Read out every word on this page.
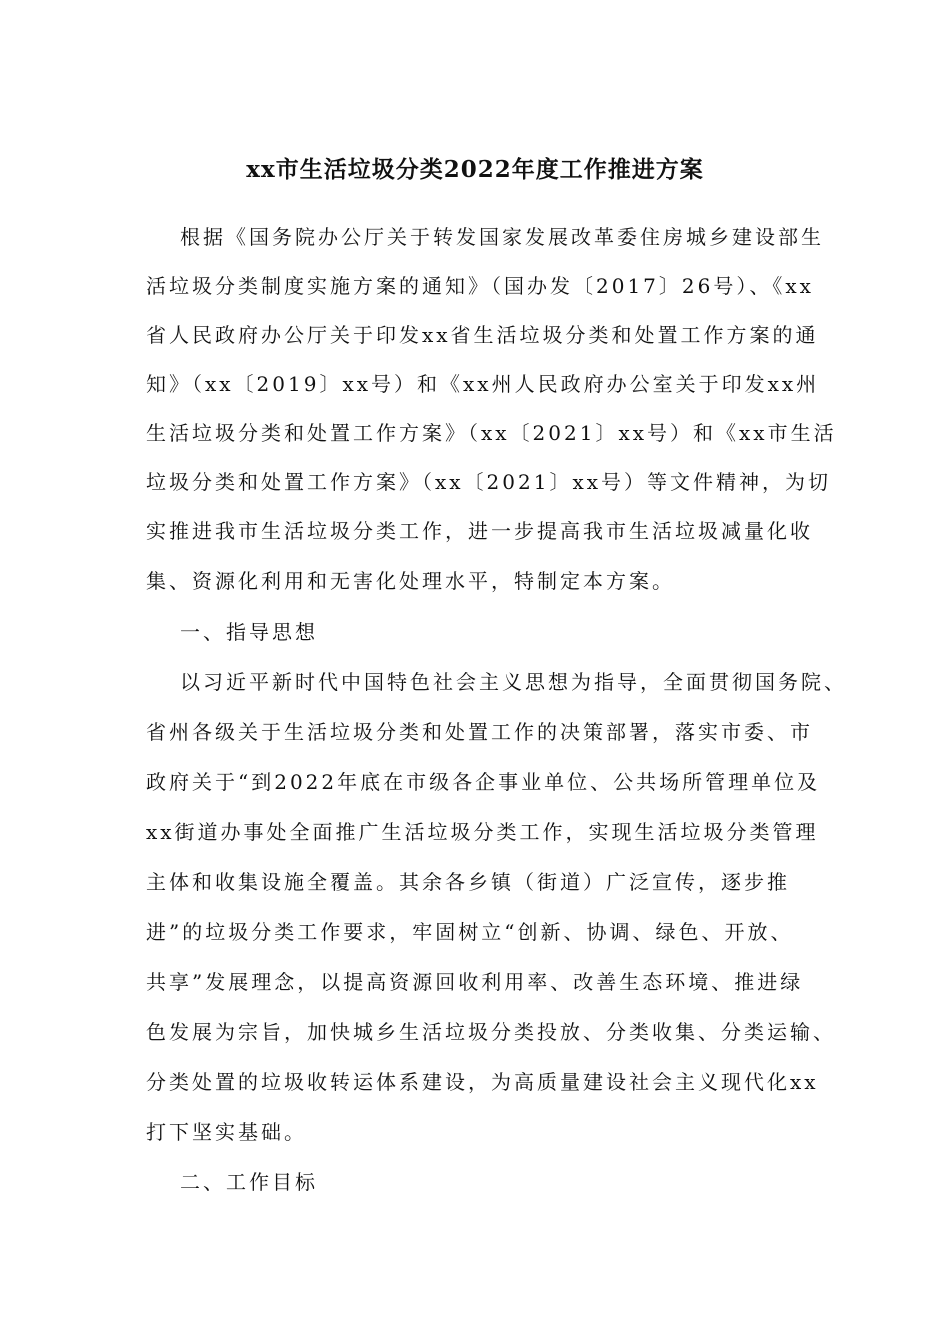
xx市生活垃圾分类2022年度工作推进方案
根据《国务院办公厅关于转发国家发展改革委住房城乡建设部生
活垃圾分类制度实施方案的通知》（国办发〔2017〕26号）、《xx
省人民政府办公厅关于印发xx省生活垃圾分类和处置工作方案的通
知》（xx〔2019〕xx号）和《xx州人民政府办公室关于印发xx州
生活垃圾分类和处置工作方案》（xx〔2021〕xx号）和《xx市生活
垃圾分类和处置工作方案》（xx〔2021〕xx号）等文件精神，为切
实推进我市生活垃圾分类工作，进一步提高我市生活垃圾减量化收
集、资源化利用和无害化处理水平，特制定本方案。
一、指导思想
以习近平新时代中国特色社会主义思想为指导，全面贯彻国务院、
省州各级关于生活垃圾分类和处置工作的决策部署，落实市委、市
政府关于“到2022年底在市级各企事业单位、公共场所管理单位及
xx街道办事处全面推广生活垃圾分类工作，实现生活垃圾分类管理
主体和收集设施全覆盖。其余各乡镇（街道）广泛宣传，逐步推
进”的垃圾分类工作要求，牢固树立“创新、协调、绿色、开放、
共享”发展理念，以提高资源回收利用率、改善生态环境、推进绿
色发展为宗旨，加快城乡生活垃圾分类投放、分类收集、分类运输、
分类处置的垃圾收转运体系建设，为高质量建设社会主义现代化xx
打下坚实基础。
二、工作目标
